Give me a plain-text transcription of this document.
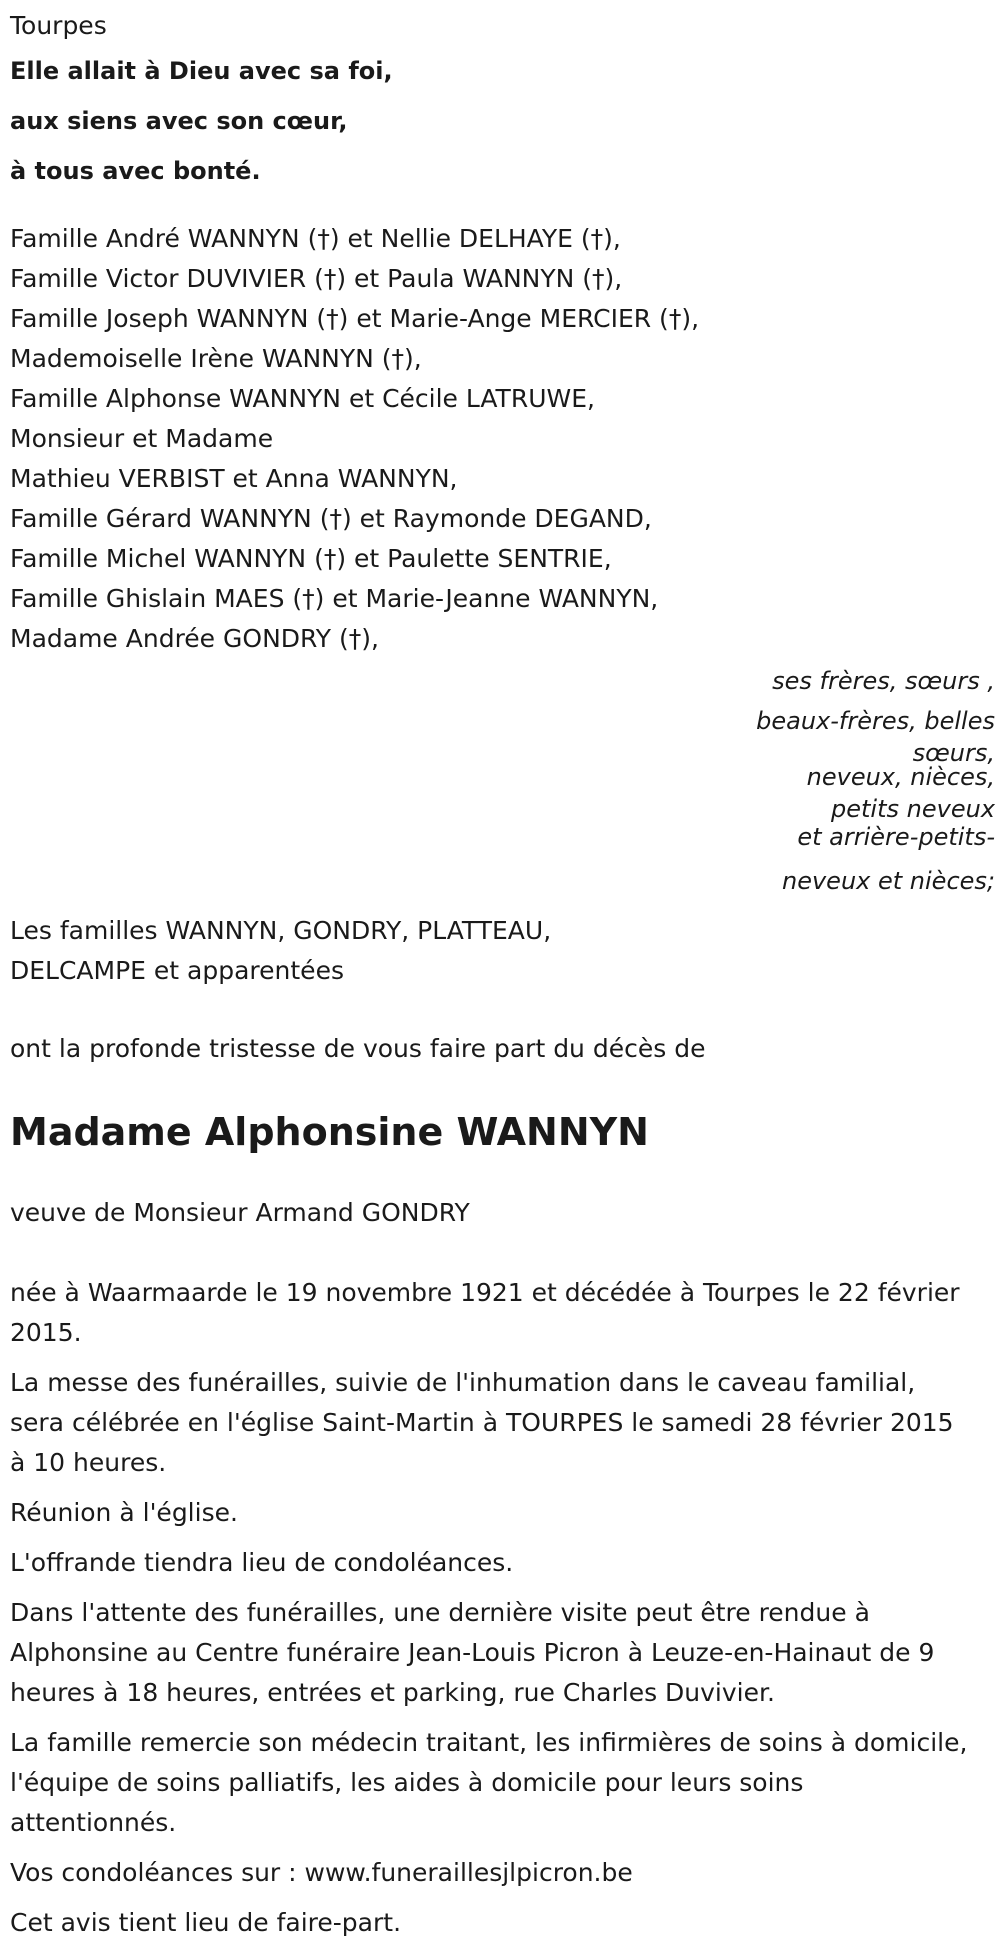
Tourpes
Elle allait à Dieu avec sa foi,
aux siens avec son cœur,
à tous avec bonté.
Famille André WANNYN (†) et Nellie DELHAYE (†),
Famille Victor DUVIVIER (†) et Paula WANNYN (†),
Famille Joseph WANNYN (†) et Marie-Ange MERCIER (†),
Mademoiselle Irène WANNYN (†),
Famille Alphonse WANNYN et Cécile LATRUWE,
Monsieur et Madame
Mathieu VERBIST et Anna WANNYN,
Famille Gérard WANNYN (†) et Raymonde DEGAND,
Famille Michel WANNYN (†) et Paulette SENTRIE,
Famille Ghislain MAES (†) et Marie-Jeanne WANNYN,
Madame Andrée GONDRY (†),
ses frères, sœurs ,
beaux-frères, belles
sœurs,
neveux, nièces,
petits neveux
et arrière-petits-
neveux et nièces;
Les familles WANNYN, GONDRY, PLATTEAU,
DELCAMPE et apparentées
ont la profonde tristesse de vous faire part du décès de
Madame Alphonsine WANNYN
veuve de Monsieur Armand GONDRY
née à Waarmaarde le 19 novembre 1921 et décédée à Tourpes le 22 février 2015.
La messe des funérailles, suivie de l'inhumation dans le caveau familial, sera célébrée en l'église Saint-Martin à TOURPES le samedi 28 février 2015 à 10 heures.
Réunion à l'église.
L'offrande tiendra lieu de condoléances.
Dans l'attente des funérailles, une dernière visite peut être rendue à Alphonsine au Centre funéraire Jean-Louis Picron à Leuze-en-Hainaut de 9 heures à 18 heures, entrées et parking, rue Charles Duvivier.
La famille remercie son médecin traitant, les infirmières de soins à domicile, l'équipe de soins palliatifs, les aides à domicile pour leurs soins attentionnés.
Vos condoléances sur : www.funeraillesjlpicron.be
Cet avis tient lieu de faire-part.
